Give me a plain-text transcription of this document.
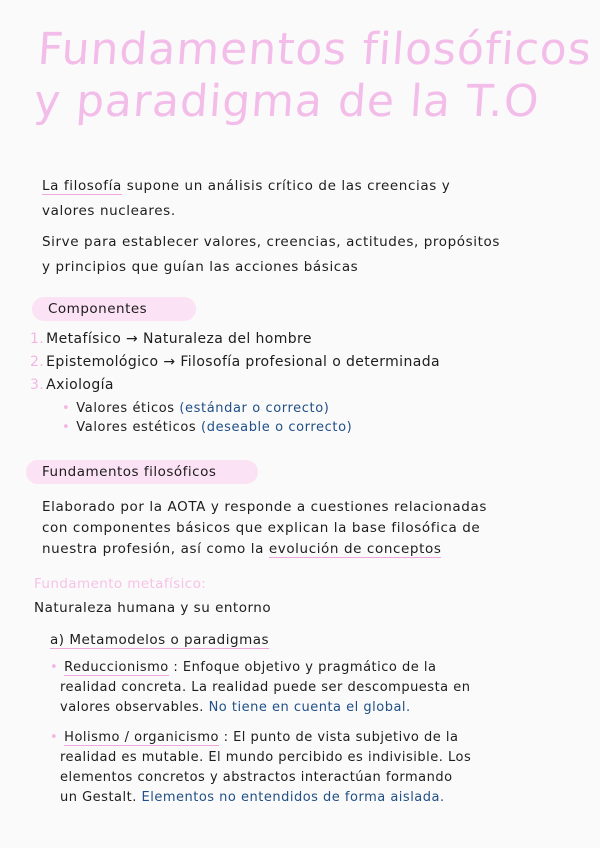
Fundamentos filosóficos
y paradigma de la T.O
La filosofía supone un análisis crítico de las creencias y
valores nucleares.
Sirve para establecer valores, creencias, actitudes, propósitos
y principios que guían las acciones básicas
Componentes
1. Metafísico → Naturaleza del hombre
2. Epistemológico → Filosofía profesional o determinada
3. Axiología
• Valores éticos (estándar o correcto)
• Valores estéticos (deseable o correcto)
Fundamentos filosóficos
Elaborado por la AOTA y responde a cuestiones relacionadas
con componentes básicos que explican la base filosófica de
nuestra profesión, así como la evolución de conceptos
Fundamento metafísico:
Naturaleza humana y su entorno
a) Metamodelos o paradigmas
• Reduccionismo : Enfoque objetivo y pragmático de la
realidad concreta. La realidad puede ser descompuesta en
valores observables. No tiene en cuenta el global.
• Holismo / organicismo : El punto de vista subjetivo de la
realidad es mutable. El mundo percibido es indivisible. Los
elementos concretos y abstractos interactúan formando
un Gestalt. Elementos no entendidos de forma aislada.
